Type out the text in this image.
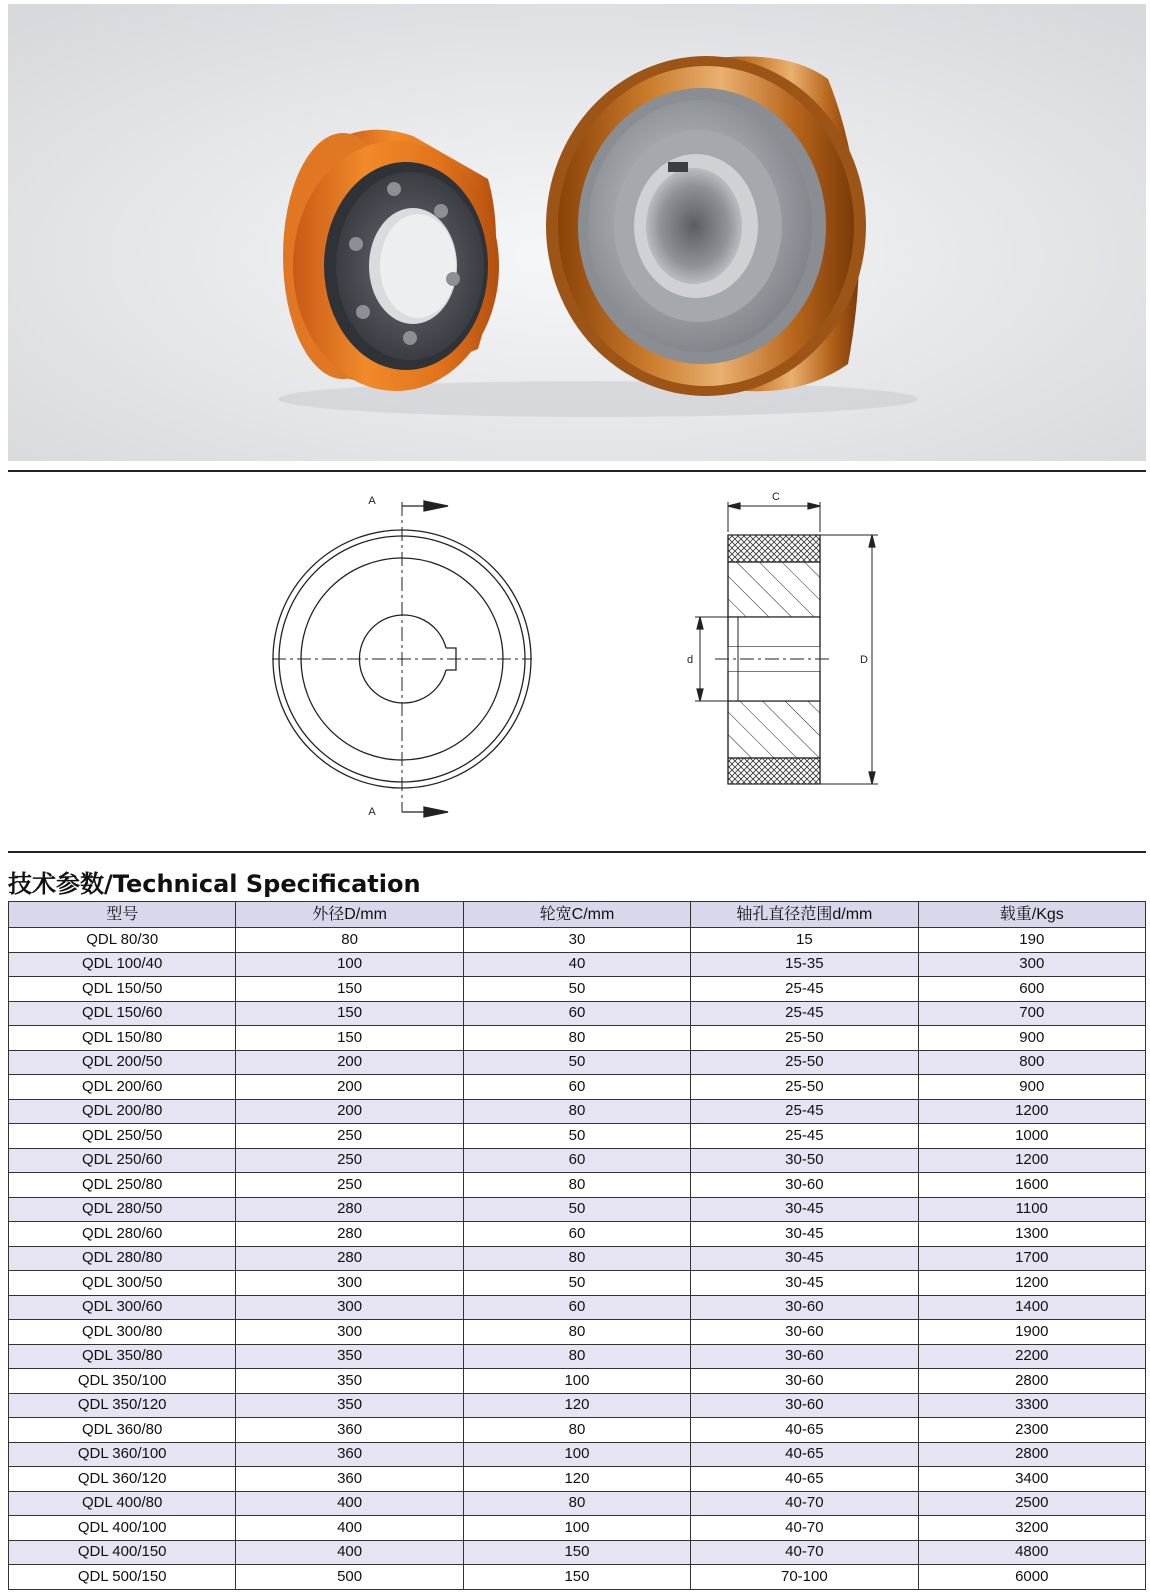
A
A
C
d	D
技术参数/Technical Specification
型号	外径D/mm	轮宽C/mm	轴孔直径范围d/mm	载重/Kgs
QDL 80/30	80	30	15	190
QDL 100/40	100	40	15-35	300
QDL 150/50	150	50	25-45	600
QDL 150/60	150	60	25-45	700
QDL 150/80	150	80	25-50	900
QDL 200/50	200	50	25-50	800
QDL 200/60	200	60	25-50	900
QDL 200/80	200	80	25-45	1200
QDL 250/50	250	50	25-45	1000
QDL 250/60	250	60	30-50	1200
QDL 250/80	250	80	30-60	1600
QDL 280/50	280	50	30-45	1100
QDL 280/60	280	60	30-45	1300
QDL 280/80	280	80	30-45	1700
QDL 300/50	300	50	30-45	1200
QDL 300/60	300	60	30-60	1400
QDL 300/80	300	80	30-60	1900
QDL 350/80	350	80	30-60	2200
QDL 350/100	350	100	30-60	2800
QDL 350/120	350	120	30-60	3300
QDL 360/80	360	80	40-65	2300
QDL 360/100	360	100	40-65	2800
QDL 360/120	360	120	40-65	3400
QDL 400/80	400	80	40-70	2500
QDL 400/100	400	100	40-70	3200
QDL 400/150	400	150	40-70	4800
QDL 500/150	500	150	70-100	6000
